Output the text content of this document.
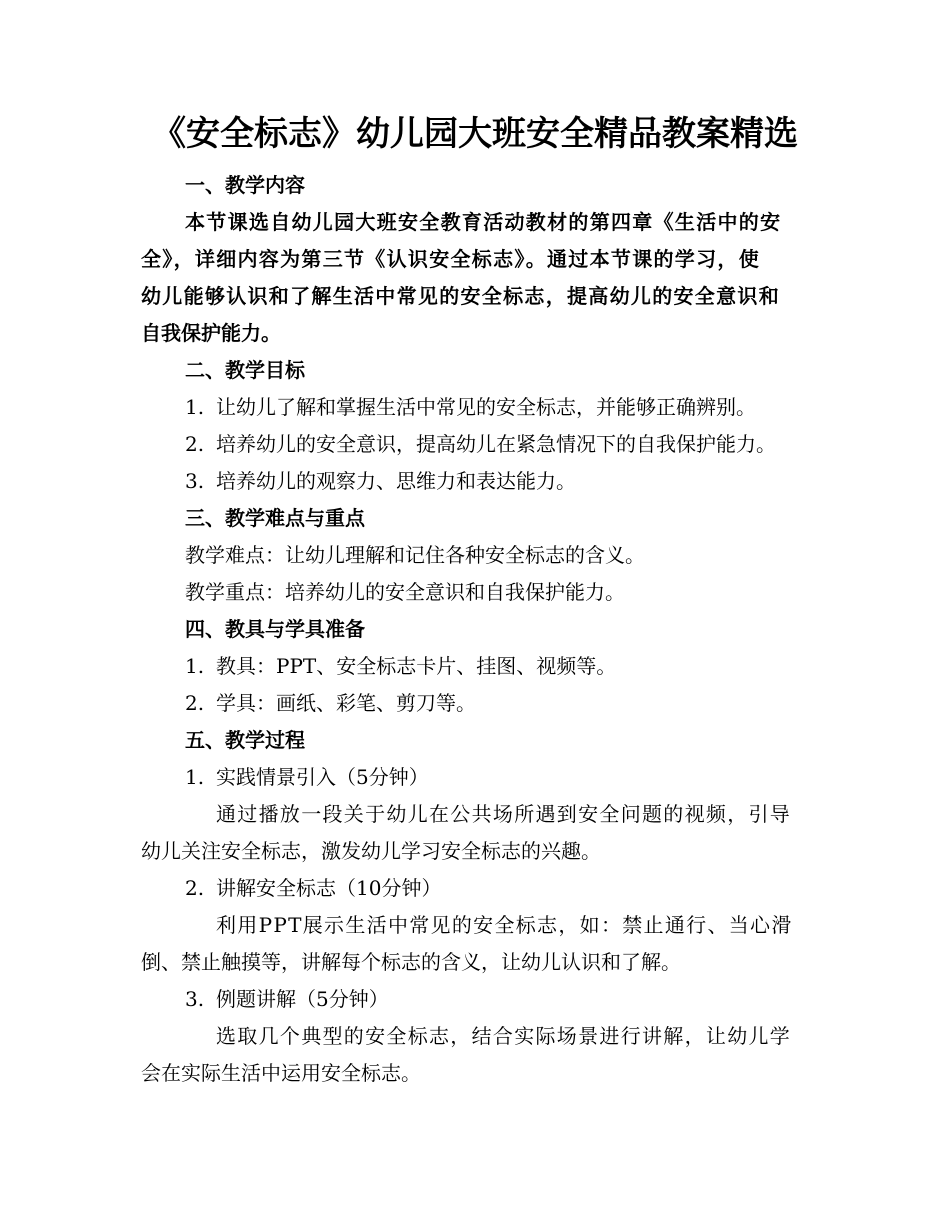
《安全标志》幼儿园大班安全精品教案精选
一、教学内容
本节课选自幼儿园大班安全教育活动教材的第四章《生活中的安
全》，详细内容为第三节《认识安全标志》。通过本节课的学习，使
幼儿能够认识和了解生活中常见的安全标志，提高幼儿的安全意识和
自我保护能力。
二、教学目标
1. 让幼儿了解和掌握生活中常见的安全标志，并能够正确辨别。
2. 培养幼儿的安全意识，提高幼儿在紧急情况下的自我保护能力。
3. 培养幼儿的观察力、思维力和表达能力。
三、教学难点与重点
教学难点：让幼儿理解和记住各种安全标志的含义。
教学重点：培养幼儿的安全意识和自我保护能力。
四、教具与学具准备
1. 教具：PPT、安全标志卡片、挂图、视频等。
2. 学具：画纸、彩笔、剪刀等。
五、教学过程
1. 实践情景引入（5分钟）
通过播放一段关于幼儿在公共场所遇到安全问题的视频，引导
幼儿关注安全标志，激发幼儿学习安全标志的兴趣。
2. 讲解安全标志（10分钟）
利用PPT展示生活中常见的安全标志，如：禁止通行、当心滑
倒、禁止触摸等，讲解每个标志的含义，让幼儿认识和了解。
3. 例题讲解（5分钟）
选取几个典型的安全标志，结合实际场景进行讲解，让幼儿学
会在实际生活中运用安全标志。
